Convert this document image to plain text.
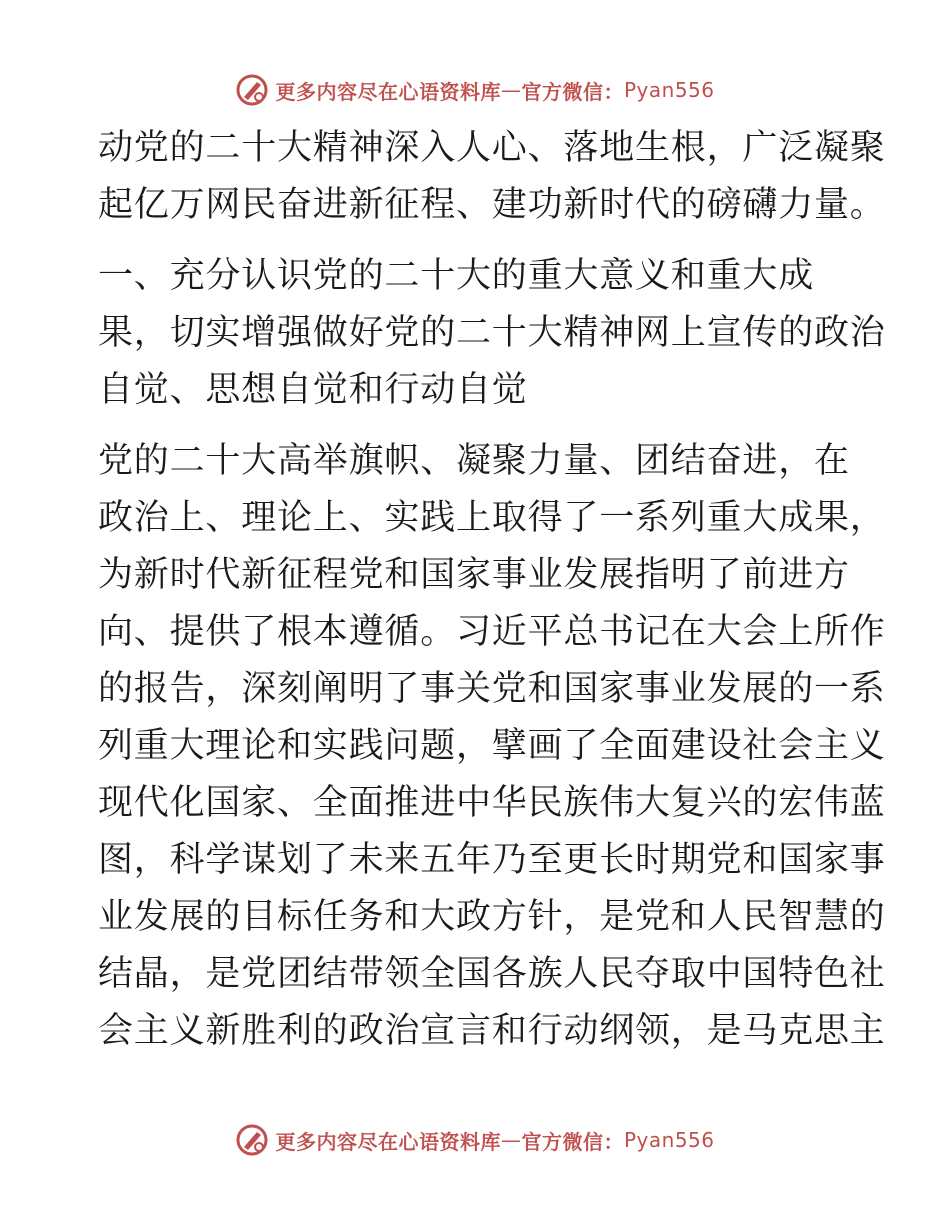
更多内容尽在心语资料库 — 官方微信： Pyan556
动党的二十大精神深入人心、落地生根，广泛凝聚
起亿万网民奋进新征程、建功新时代的磅礴力量。
一、充分认识党的二十大的重大意义和重大成
果，切实增强做好党的二十大精神网上宣传的政治
自觉、思想自觉和行动自觉
党的二十大高举旗帜、凝聚力量、团结奋进，在
政治上、理论上、实践上取得了一系列重大成果，
为新时代新征程党和国家事业发展指明了前进方
向、提供了根本遵循。习近平总书记在大会上所作
的报告，深刻阐明了事关党和国家事业发展的一系
列重大理论和实践问题，擘画了全面建设社会主义
现代化国家、全面推进中华民族伟大复兴的宏伟蓝
图，科学谋划了未来五年乃至更长时期党和国家事
业发展的目标任务和大政方针，是党和人民智慧的
结晶，是党团结带领全国各族人民夺取中国特色社
会主义新胜利的政治宣言和行动纲领，是马克思主
更多内容尽在心语资料库 — 官方微信： Pyan556
